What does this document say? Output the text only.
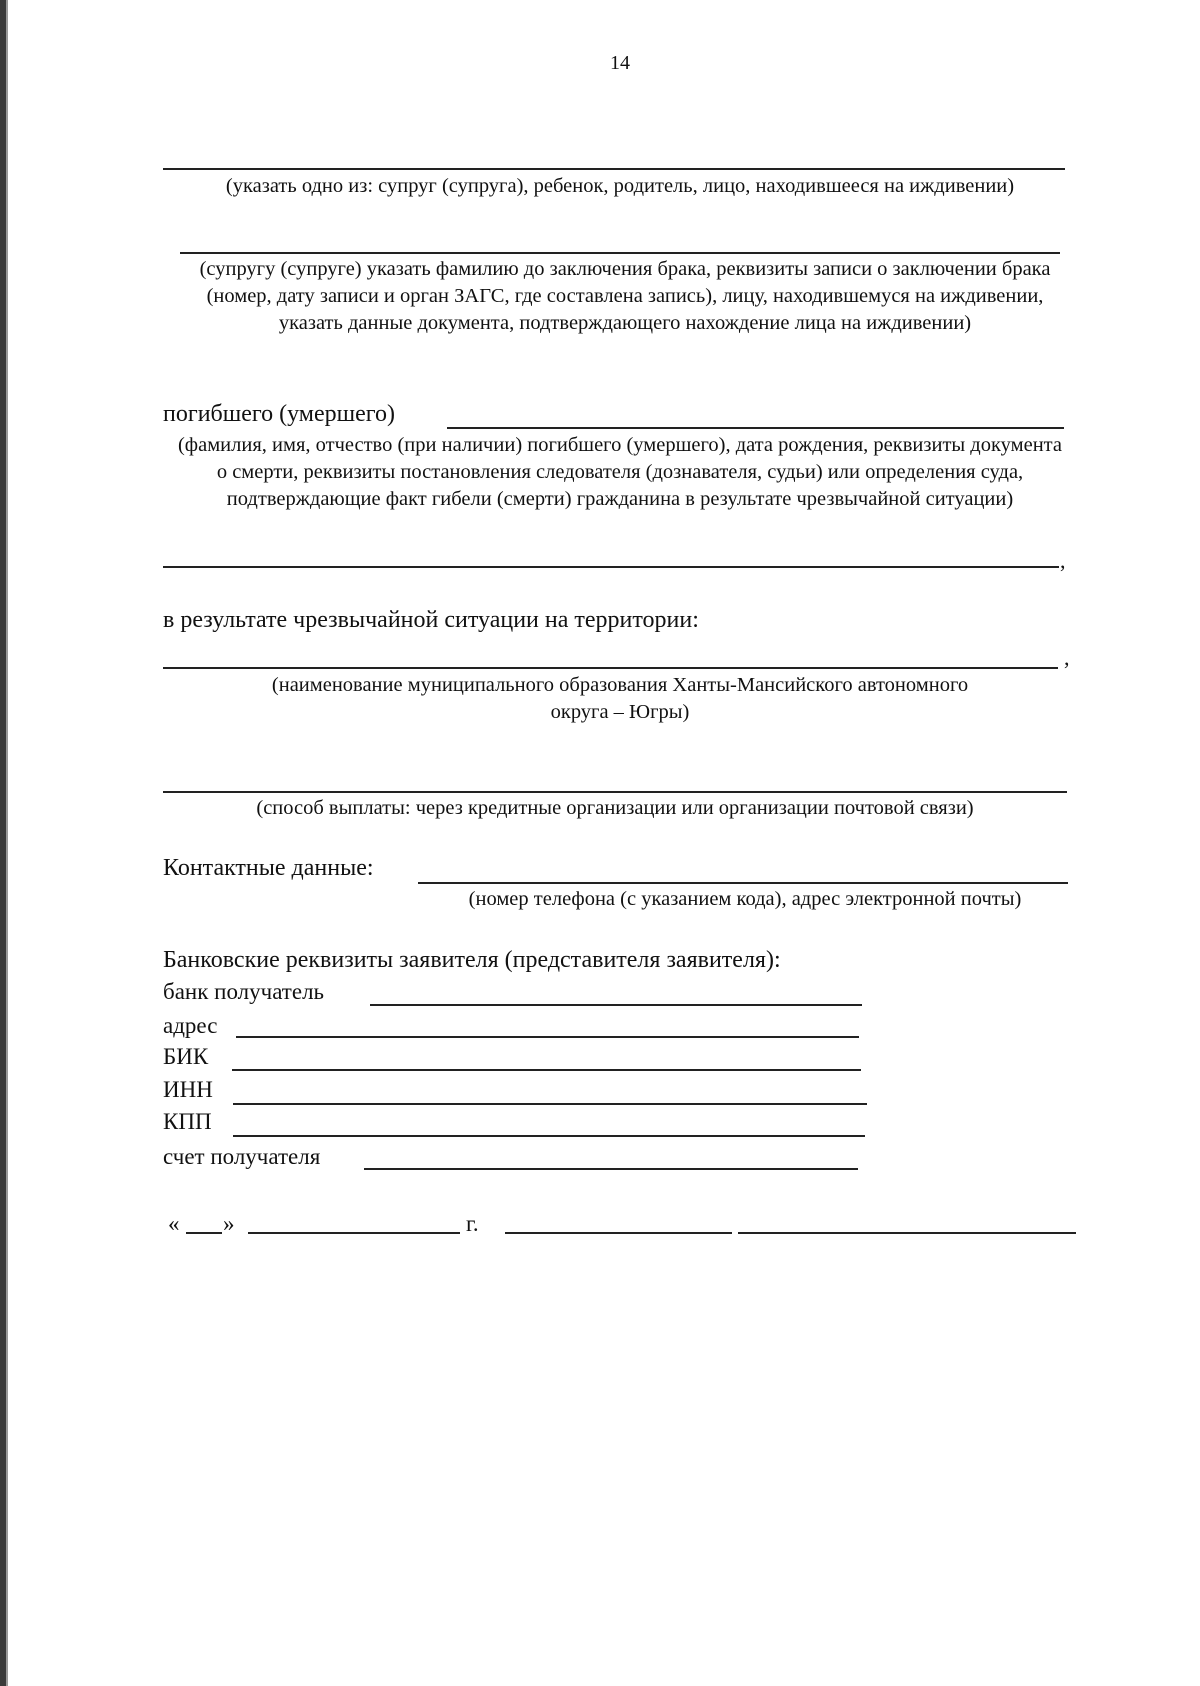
14
(указать одно из: супруг (супруга), ребенок, родитель, лицо, находившееся на иждивении)
(супругу (супруге) указать фамилию до заключения брака, реквизиты записи о заключении брака (номер, дату записи и орган ЗАГС, где составлена запись), лицу, находившемуся на иждивении, указать данные документа, подтверждающего нахождение лица на иждивении)
погибшего (умершего)
(фамилия, имя, отчество (при наличии) погибшего (умершего), дата рождения, реквизиты документа о смерти, реквизиты постановления следователя (дознавателя, судьи) или определения суда, подтверждающие факт гибели (смерти) гражданина в результате чрезвычайной ситуации)
,
в результате чрезвычайной ситуации на территории:
,
(наименование муниципального образования Ханты-Мансийского автономного округа – Югры)
(способ выплаты: через кредитные организации или организации почтовой связи)
Контактные данные:
(номер телефона (с указанием кода), адрес электронной почты)
Банковские реквизиты заявителя (представителя заявителя):
банк получатель
адрес
БИК
ИНН
КПП
счет получателя
« »	г.
